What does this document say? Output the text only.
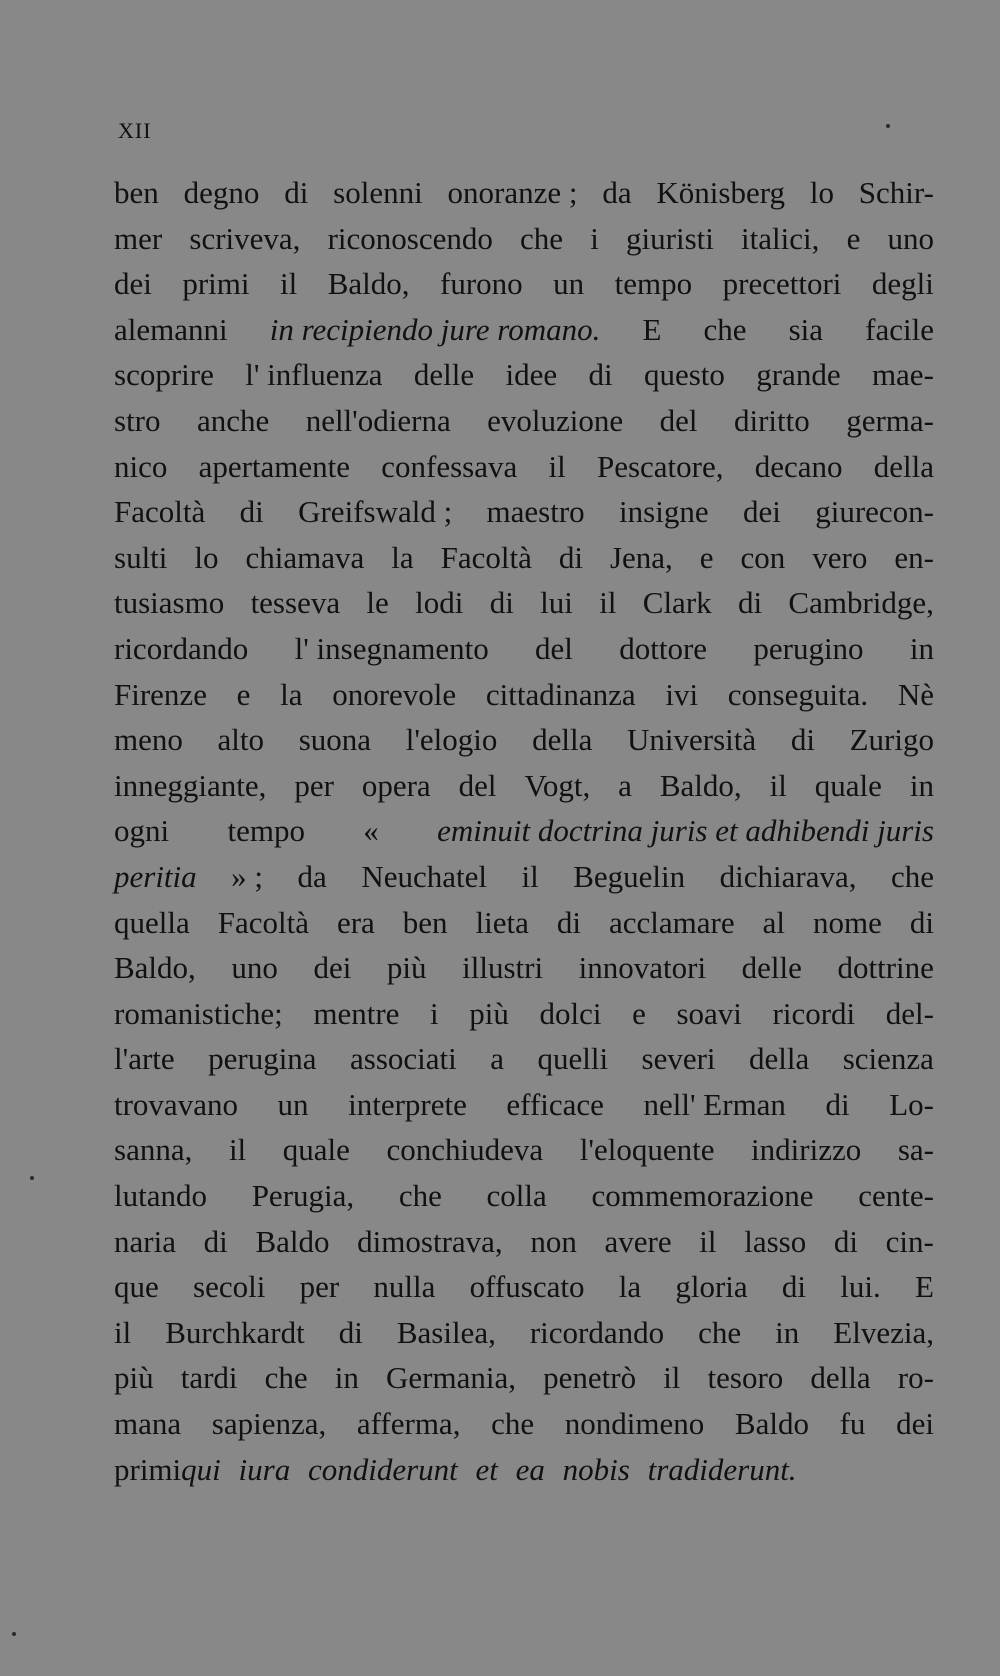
XII
ben degno di solenni onoranze ; da Könisberg lo Schir-
mer scriveva, riconoscendo che i giuristi italici, e uno
dei primi il Baldo, furono un tempo precettori degli
alemanni in recipiendo jure romano. E che sia facile
scoprire l' influenza delle idee di questo grande mae-
stro anche nell'odierna evoluzione del diritto germa-
nico apertamente confessava il Pescatore, decano della
Facoltà di Greifswald ; maestro insigne dei giurecon-
sulti lo chiamava la Facoltà di Jena, e con vero en-
tusiasmo tesseva le lodi di lui il Clark di Cambridge,
ricordando l' insegnamento del dottore perugino in
Firenze e la onorevole cittadinanza ivi conseguita. Nè
meno alto suona l'elogio della Università di Zurigo
inneggiante, per opera del Vogt, a Baldo, il quale in
ogni tempo « eminuit doctrina juris et adhibendi juris
peritia » ; da Neuchatel il Beguelin dichiarava, che
quella Facoltà era ben lieta di acclamare al nome di
Baldo, uno dei più illustri innovatori delle dottrine
romanistiche; mentre i più dolci e soavi ricordi del-
l'arte perugina associati a quelli severi della scienza
trovavano un interprete efficace nell' Erman di Lo-
sanna, il quale conchiudeva l'eloquente indirizzo sa-
lutando Perugia, che colla commemorazione cente-
naria di Baldo dimostrava, non avere il lasso di cin-
que secoli per nulla offuscato la gloria di lui. E
il Burchkardt di Basilea, ricordando che in Elvezia,
più tardi che in Germania, penetrò il tesoro della ro-
mana sapienza, afferma, che nondimeno Baldo fu dei
primi qui iura condiderunt et ea nobis tradiderunt.
